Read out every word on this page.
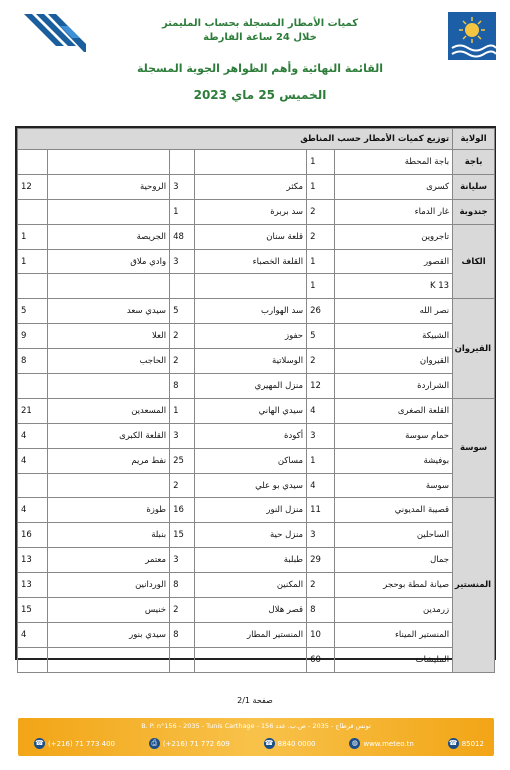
كميات الأمطار المسجلة بحساب المليمتر
خلال 24 ساعة الفارطة
القائمة النهائية وأهم الظواهر الجوية المسجلة
الخميس 25 ماي 2023
الولاية	توزيع كميات الأمطار حسب المناطق					
باجة	باجة المحطة	1				
سليانة	كسرى	1	مكثر	3	الروحية	12
جندوبة	غار الدماء	2	سد بربرة	1		
الكاف	تاجروين	2	قلعة سنان	48	الجريصة	1
	القصور	1	القلعة الخصباء	3	وادي ملاق	1
	K 13	1				
القيروان	نصر الله	26	سد الهوارب	5	سيدي سعد	5
	الشبيكة	5	حفوز	2	العلا	9
	القيروان	2	الوسلاتية	2	الحاجب	8
	الشراردة	12	منزل المهيري	8		
سوسة	القلعة الصغرى	4	سيدي الهاني	1	المسعدين	21
	حمام سوسة	3	أكودة	3	القلعة الكبرى	4
	بوفيشة	1	مساكن	25	نفط مريم	4
	سوسة	4	سيدي بو علي	2		
المنستير	قصيبة المديوني	11	منزل النور	16	طوزة	4
	الساحلين	3	منزل حية	15	بنبلة	16
	جمال	29	طبلبة	3	معتمر	13
	صيانة لمطة بوحجر	2	المكنين	8	الوردانين	13
	زرمدين	8	قصر هلال	2	خنيس	15
	المنستير الميناء	10	المنستير المطار	8	سيدي بنور	4
	المليشات	60				
صفحة 2/1
B. P. n°156 - 2035 - Tunis Carthage - تونس قرطاج - 2035 - ص.ب. عدد 156
☎ (+216) 71 773 400	⎙ (+216) 71 772 609	☎ 8840 0000	◍ www.meteo.tn	☎ 85012
